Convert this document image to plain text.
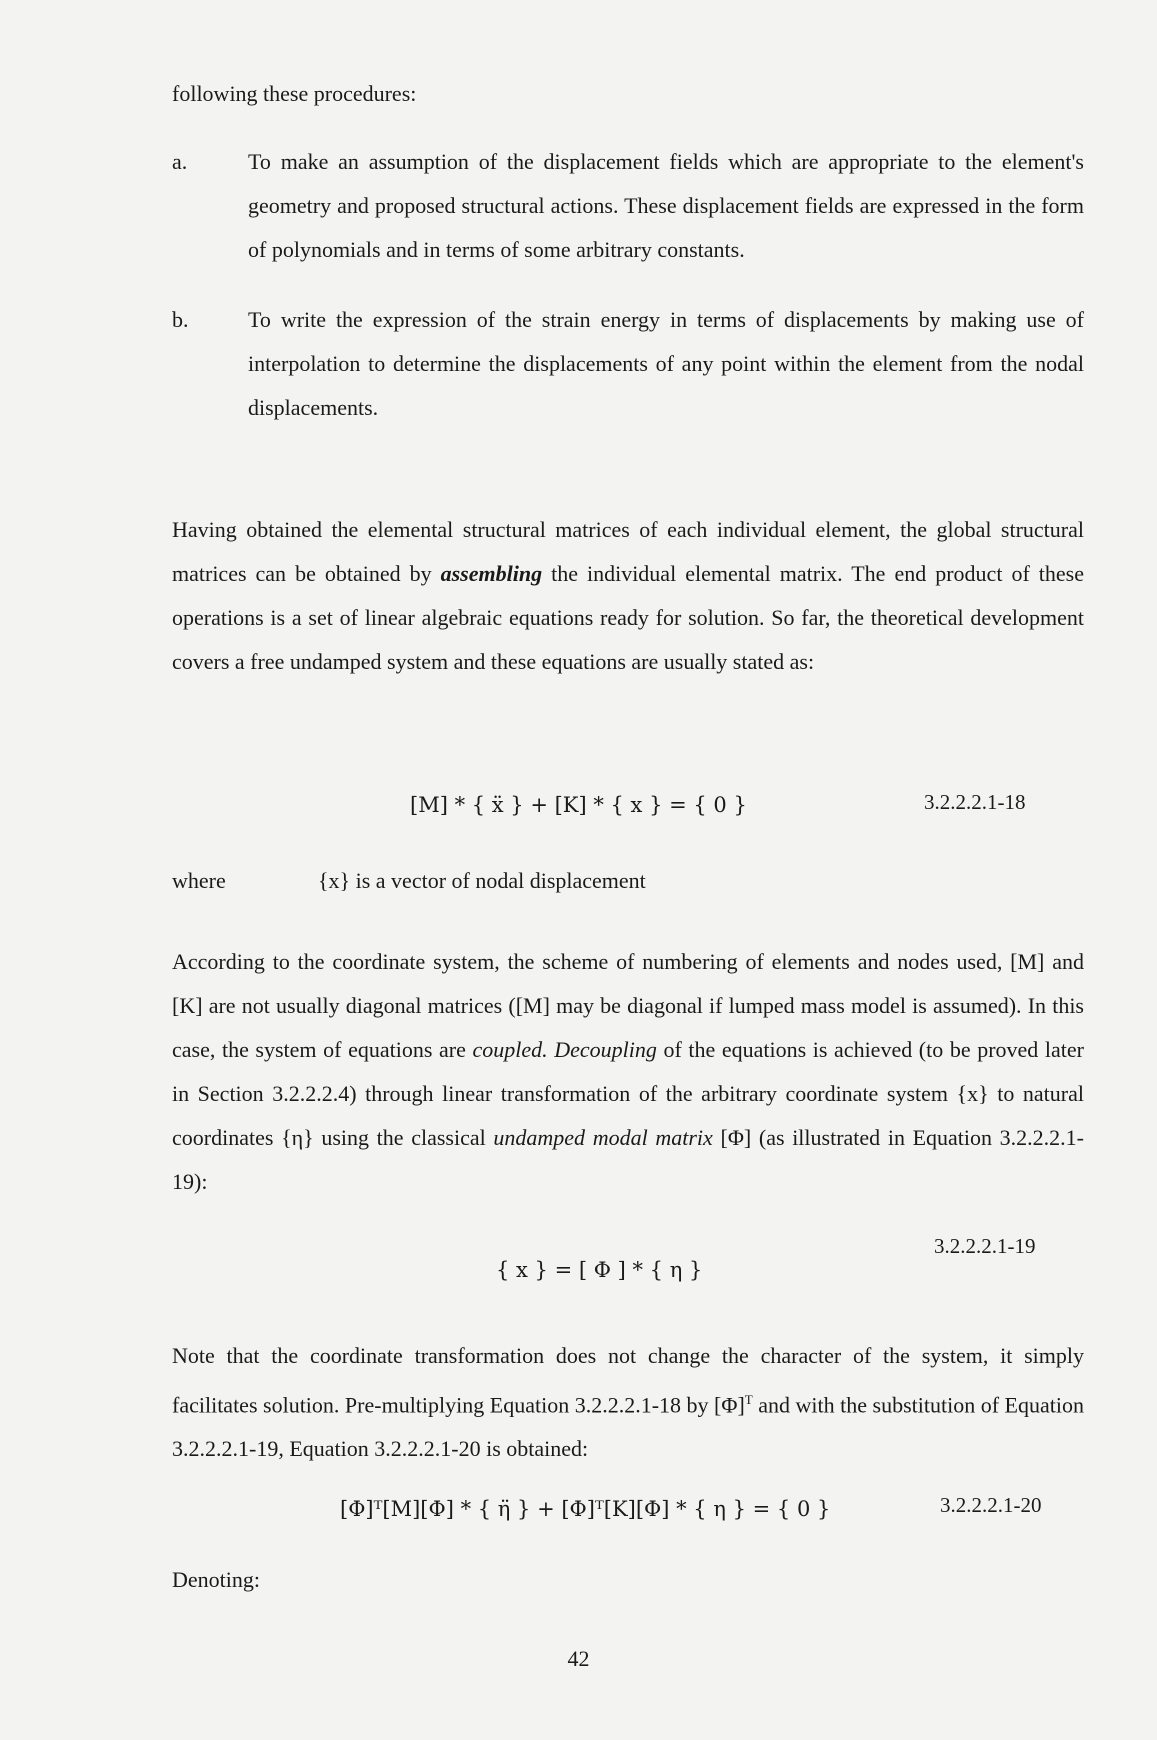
following these procedures:

a.	To make an assumption of the displacement fields which are appropriate to the element's geometry and proposed structural actions. These displacement fields are expressed in the form of polynomials and in terms of some arbitrary constants.

b.	To write the expression of the strain energy in terms of displacements by making use of interpolation to determine the displacements of any point within the element from the nodal displacements.

Having obtained the elemental structural matrices of each individual element, the global structural matrices can be obtained by assembling the individual elemental matrix. The end product of these operations is a set of linear algebraic equations ready for solution. So far, the theoretical development covers a free undamped system and these equations are usually stated as:

[M] * { ẍ } + [K] * { x } = { 0 }	3.2.2.2.1-18
where	{x} is a vector of nodal displacement

According to the coordinate system, the scheme of numbering of elements and nodes used, [M] and [K] are not usually diagonal matrices ([M] may be diagonal if lumped mass model is assumed). In this case, the system of equations are coupled. Decoupling of the equations is achieved (to be proved later in Section 3.2.2.2.4) through linear transformation of the arbitrary coordinate system {x} to natural coordinates {η} using the classical undamped modal matrix [Φ] (as illustrated in Equation 3.2.2.2.1-19):

{ x } = [ Φ ] * { η }
3.2.2.2.1-19

Note that the coordinate transformation does not change the character of the system, it simply facilitates solution. Pre-multiplying Equation 3.2.2.2.1-18 by $[\Phi]^T$ and with the substitution of Equation 3.2.2.2.1-19, Equation 3.2.2.2.1-20 is obtained:

[Φ]ᵀ[M][Φ] * { η̈ } + [Φ]ᵀ[K][Φ] * { η } = { 0 }	3.2.2.2.1-20

Denoting:

42
